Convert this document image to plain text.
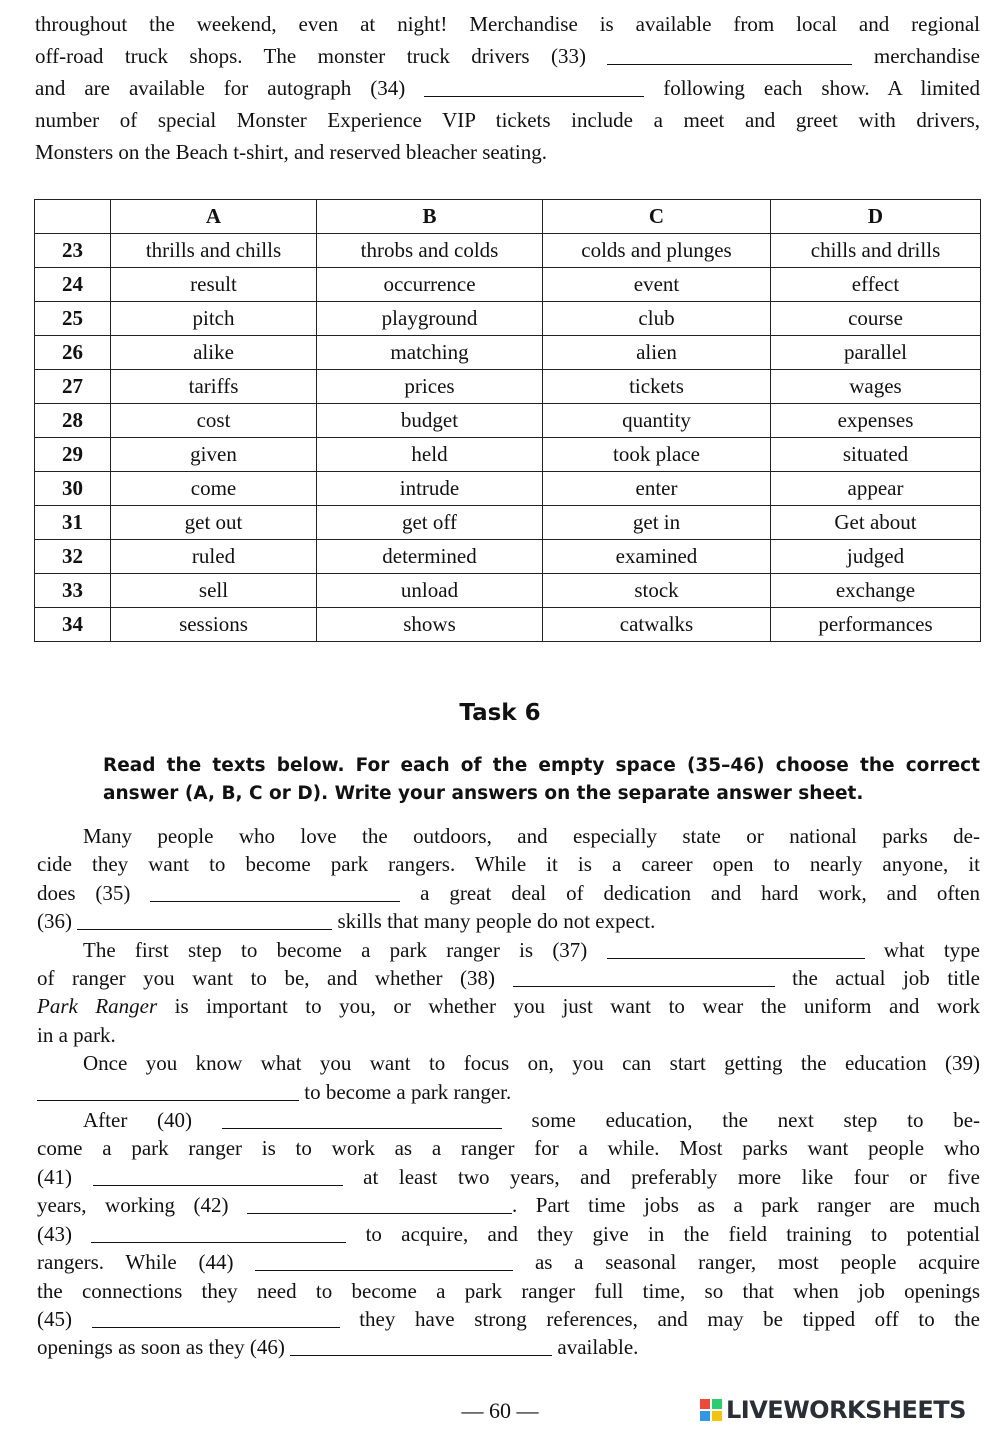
throughout the weekend, even at night! Merchandise is available from local and regional
off-road truck shops. The monster truck drivers (33)	merchandise
and are available for autograph (34)	following each show. A limited
number of special Monster Experience VIP tickets include a meet and greet with drivers,
Monsters on the Beach t-shirt, and reserved bleacher seating.
	A	B	C	D
23	thrills and chills	throbs and colds	colds and plunges	chills and drills
24	result	occurrence	event	effect
25	pitch	playground	club	course
26	alike	matching	alien	parallel
27	tariffs	prices	tickets	wages
28	cost	budget	quantity	expenses
29	given	held	took place	situated
30	come	intrude	enter	appear
31	get out	get off	get in	Get about
32	ruled	determined	examined	judged
33	sell	unload	stock	exchange
34	sessions	shows	catwalks	performances
Task 6
Read the texts below. For each of the empty space (35–46) choose the correct
answer (A, B, C or D). Write your answers on the separate answer sheet.
Many people who love the outdoors, and especially state or national parks de-
cide they want to become park rangers. While it is a career open to nearly anyone, it
does (35)	a great deal of dedication and hard work, and often
(36)	skills that many people do not expect.
The first step to become a park ranger is (37)	what type
of ranger you want to be, and whether (38)	the actual job title
Park Ranger is important to you, or whether you just want to wear the uniform and work
in a park.
Once you know what you want to focus on, you can start getting the education (39)
to become a park ranger.
After (40)	some education, the next step to be-
come a park ranger is to work as a ranger for a while. Most parks want people who
(41)	at least two years, and preferably more like four or five
years, working (42)	. Part time jobs as a park ranger are much
(43)	to acquire, and they give in the field training to potential
rangers. While (44)	as a seasonal ranger, most people acquire
the connections they need to become a park ranger full time, so that when job openings
(45)	they have strong references, and may be tipped off to the
openings as soon as they (46)	available.
— 60 —	LIVEWORKSHEETS
